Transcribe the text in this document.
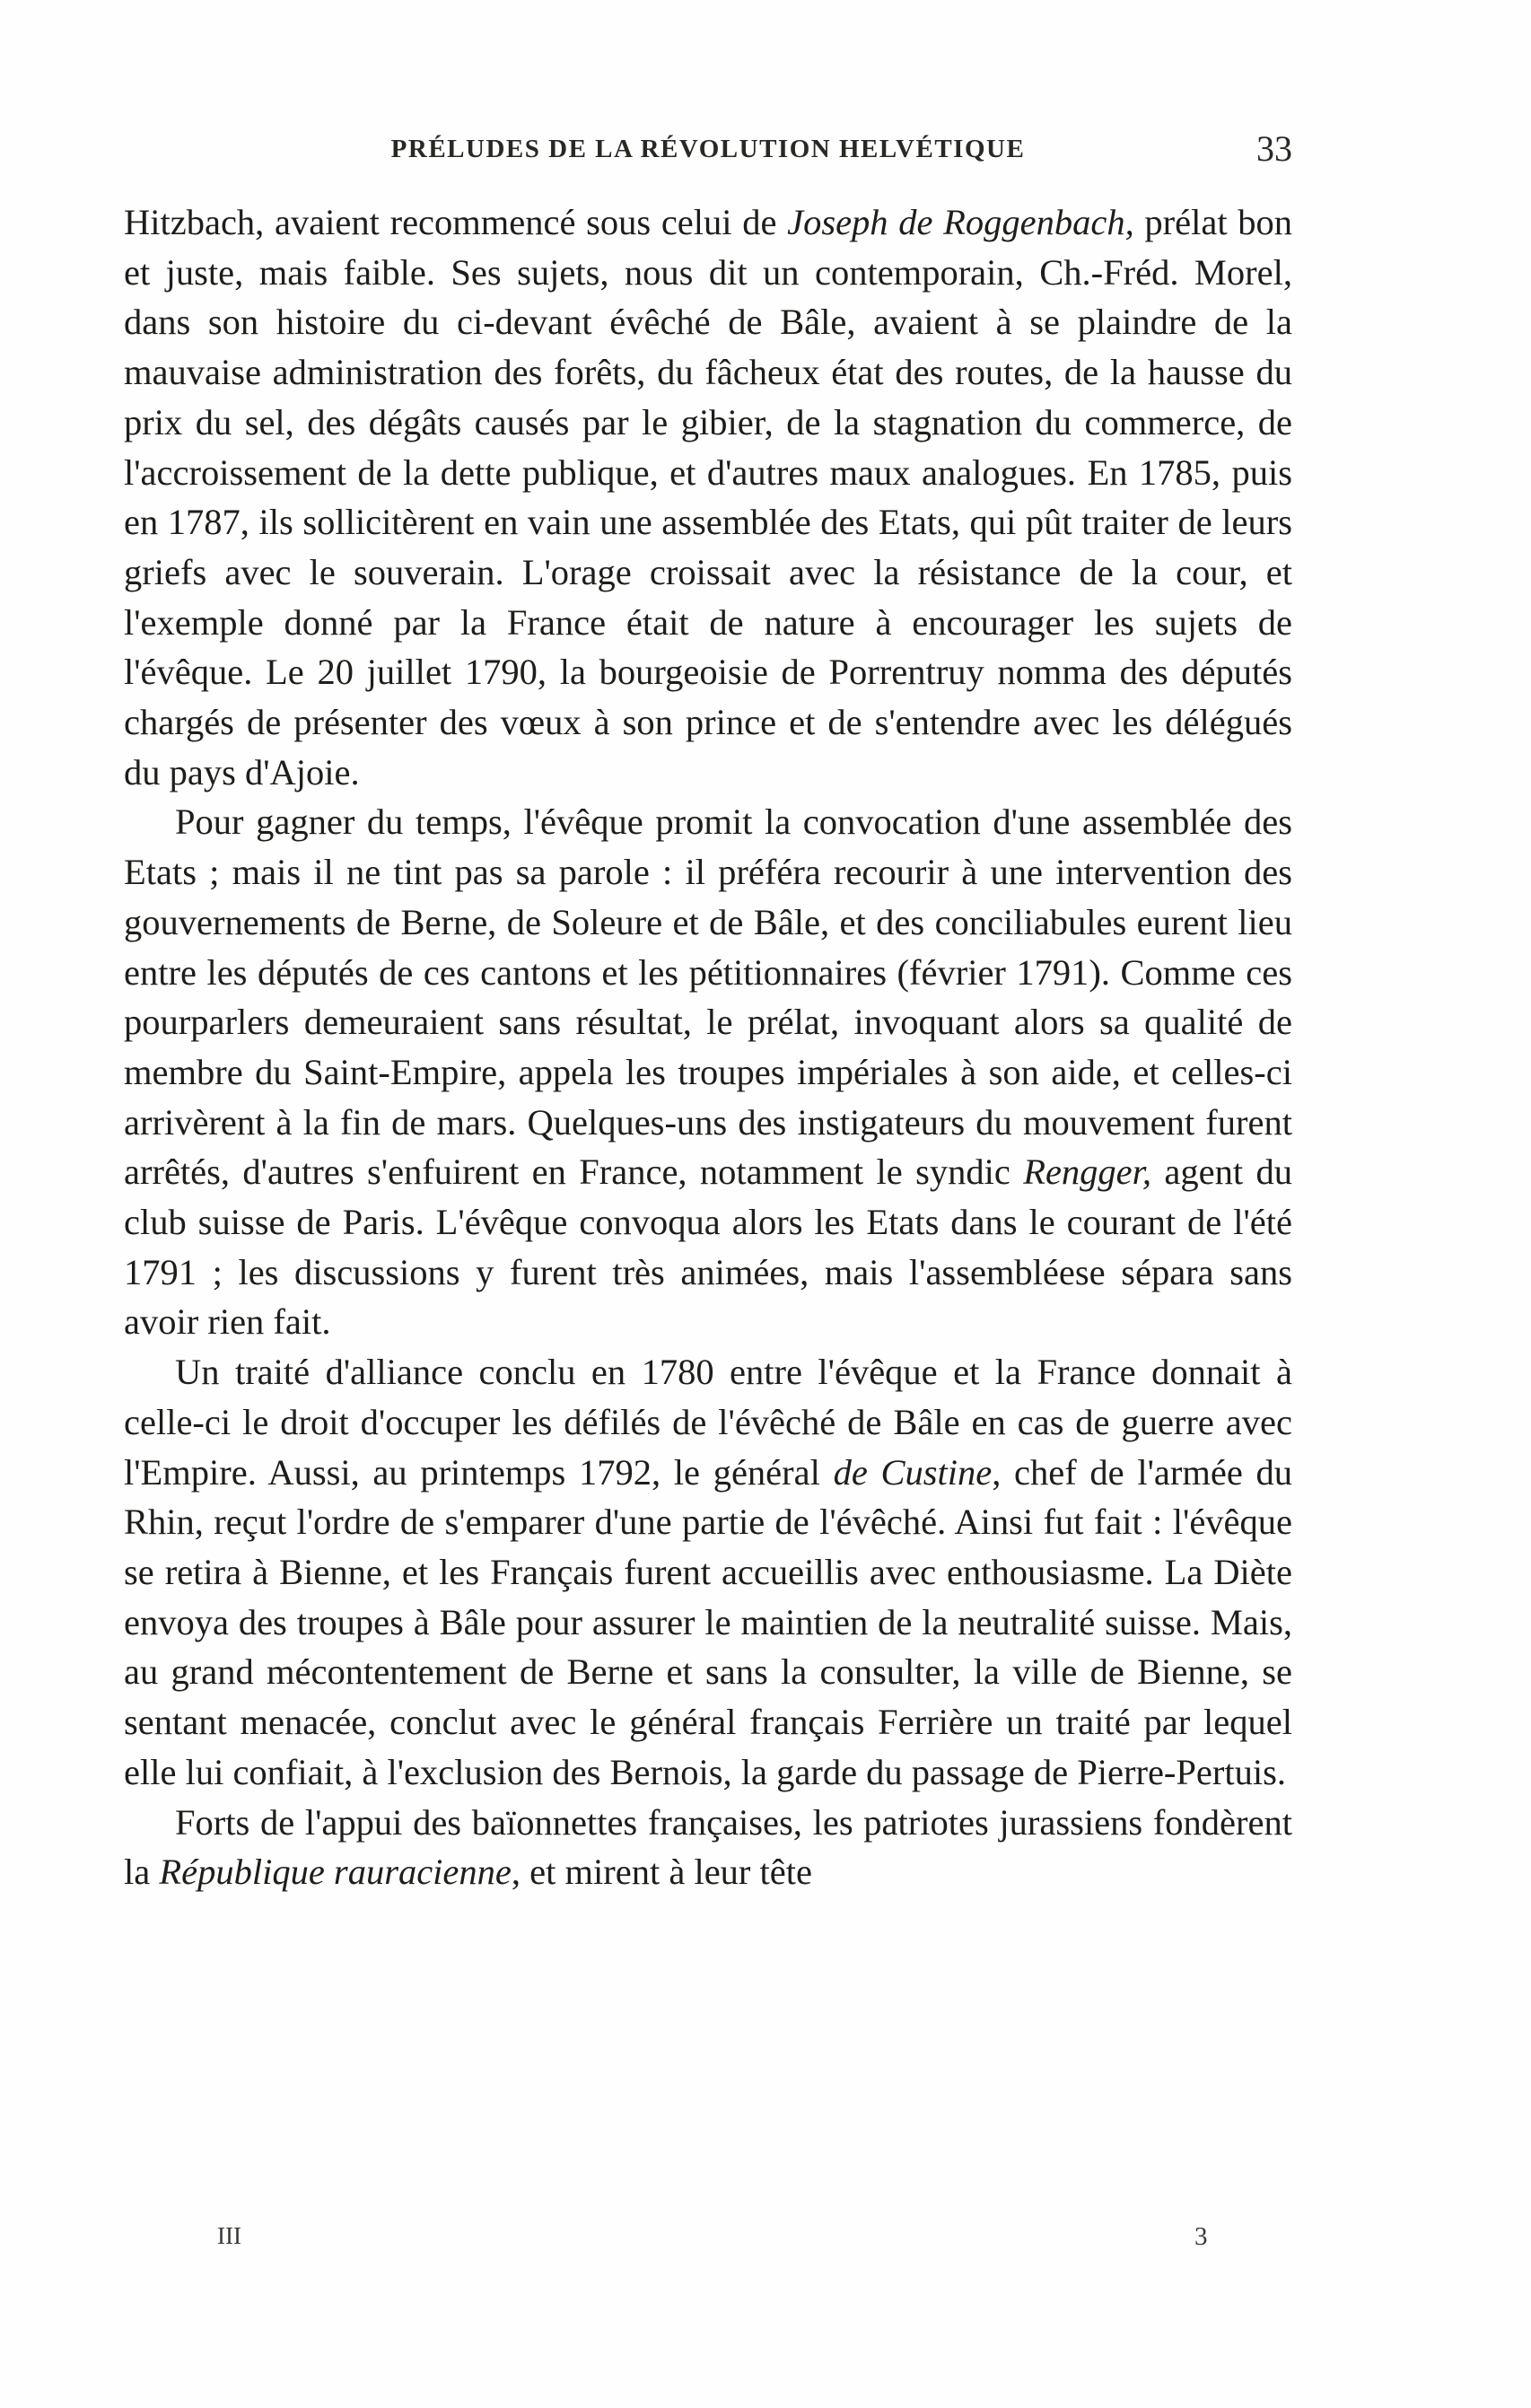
PRÉLUDES DE LA RÉVOLUTION HELVÉTIQUE	33

Hitzbach, avaient recommencé sous celui de Joseph de Roggenbach, prélat bon et juste, mais faible. Ses sujets, nous dit un contemporain, Ch.-Fréd. Morel, dans son histoire du ci-devant évêché de Bâle, avaient à se plaindre de la mauvaise administration des forêts, du fâcheux état des routes, de la hausse du prix du sel, des dégâts causés par le gibier, de la stagnation du commerce, de l'accroissement de la dette publique, et d'autres maux analogues. En 1785, puis en 1787, ils sollicitèrent en vain une assemblée des Etats, qui pût traiter de leurs griefs avec le souverain. L'orage croissait avec la résistance de la cour, et l'exemple donné par la France était de nature à encourager les sujets de l'évêque. Le 20 juillet 1790, la bourgeoisie de Porrentruy nomma des députés chargés de présenter des vœux à son prince et de s'entendre avec les délégués du pays d'Ajoie.

Pour gagner du temps, l'évêque promit la convocation d'une assemblée des Etats ; mais il ne tint pas sa parole : il préféra recourir à une intervention des gouvernements de Berne, de Soleure et de Bâle, et des conciliabules eurent lieu entre les députés de ces cantons et les pétitionnaires (février 1791). Comme ces pourparlers demeuraient sans résultat, le prélat, invoquant alors sa qualité de membre du Saint-Empire, appela les troupes impériales à son aide, et celles-ci arrivèrent à la fin de mars. Quelques-uns des instigateurs du mouvement furent arrêtés, d'autres s'enfuirent en France, notamment le syndic Rengger, agent du club suisse de Paris. L'évêque convoqua alors les Etats dans le courant de l'été 1791 ; les discussions y furent très animées, mais l'assembléese sépara sans avoir rien fait.

Un traité d'alliance conclu en 1780 entre l'évêque et la France donnait à celle-ci le droit d'occuper les défilés de l'évêché de Bâle en cas de guerre avec l'Empire. Aussi, au printemps 1792, le général de Custine, chef de l'armée du Rhin, reçut l'ordre de s'emparer d'une partie de l'évêché. Ainsi fut fait : l'évêque se retira à Bienne, et les Français furent accueillis avec enthousiasme. La Diète envoya des troupes à Bâle pour assurer le maintien de la neutralité suisse. Mais, au grand mécontentement de Berne et sans la consulter, la ville de Bienne, se sentant menacée, conclut avec le général français Ferrière un traité par lequel elle lui confiait, à l'exclusion des Bernois, la garde du passage de Pierre-Pertuis.

Forts de l'appui des baïonnettes françaises, les patriotes jurassiens fondèrent la République rauracienne, et mirent à leur tête

III	3
